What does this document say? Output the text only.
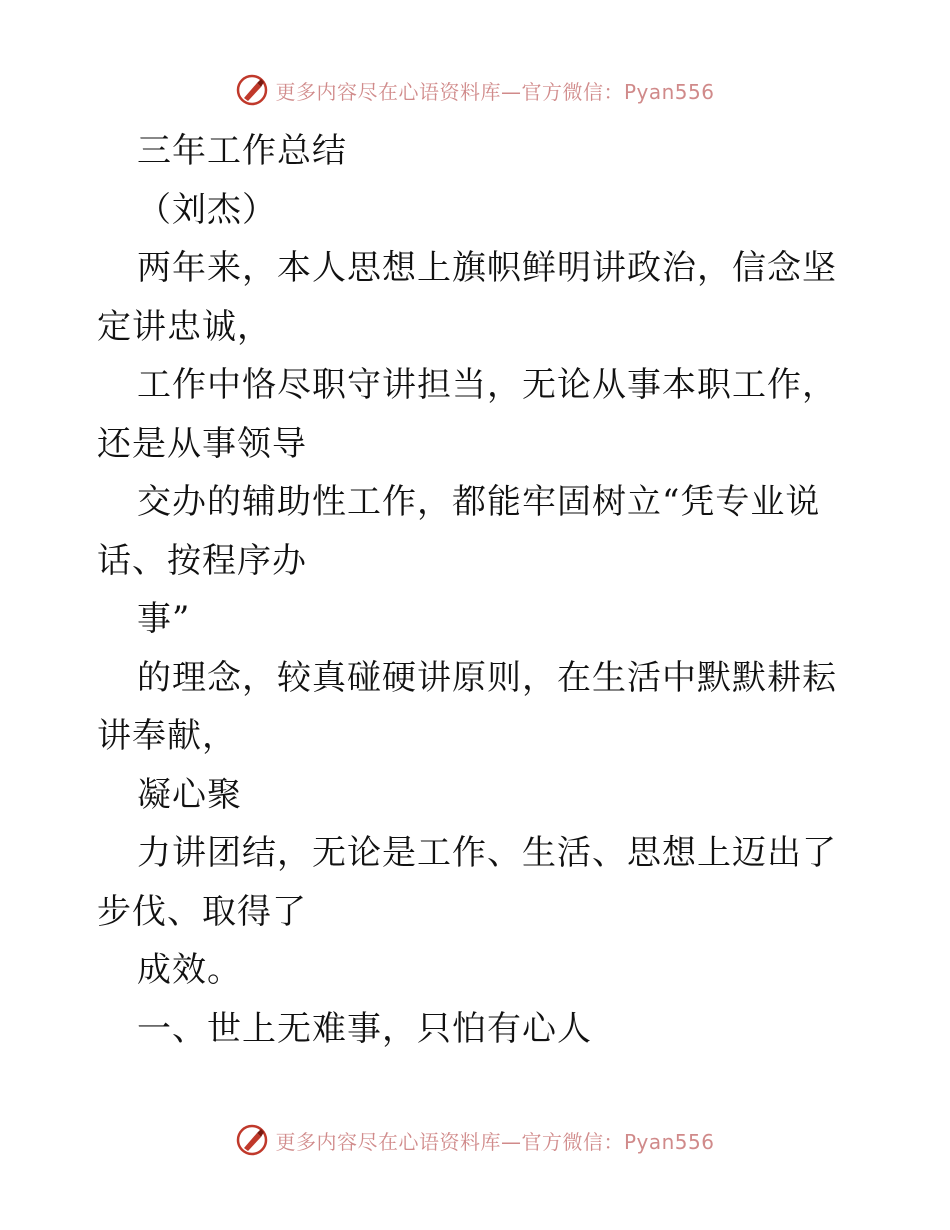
更多内容尽在心语资料库—官方微信：Pyan556

三年工作总结

（刘杰）

两年来，本人思想上旗帜鲜明讲政治，信念坚定讲忠诚，

工作中恪尽职守讲担当，无论从事本职工作，还是从事领导

交办的辅助性工作，都能牢固树立“凭专业说话、按程序办

事”

的理念，较真碰硬讲原则，在生活中默默耕耘讲奉献，

凝心聚

力讲团结，无论是工作、生活、思想上迈出了步伐、取得了

成效。

一、世上无难事，只怕有心人

更多内容尽在心语资料库—官方微信：Pyan556
